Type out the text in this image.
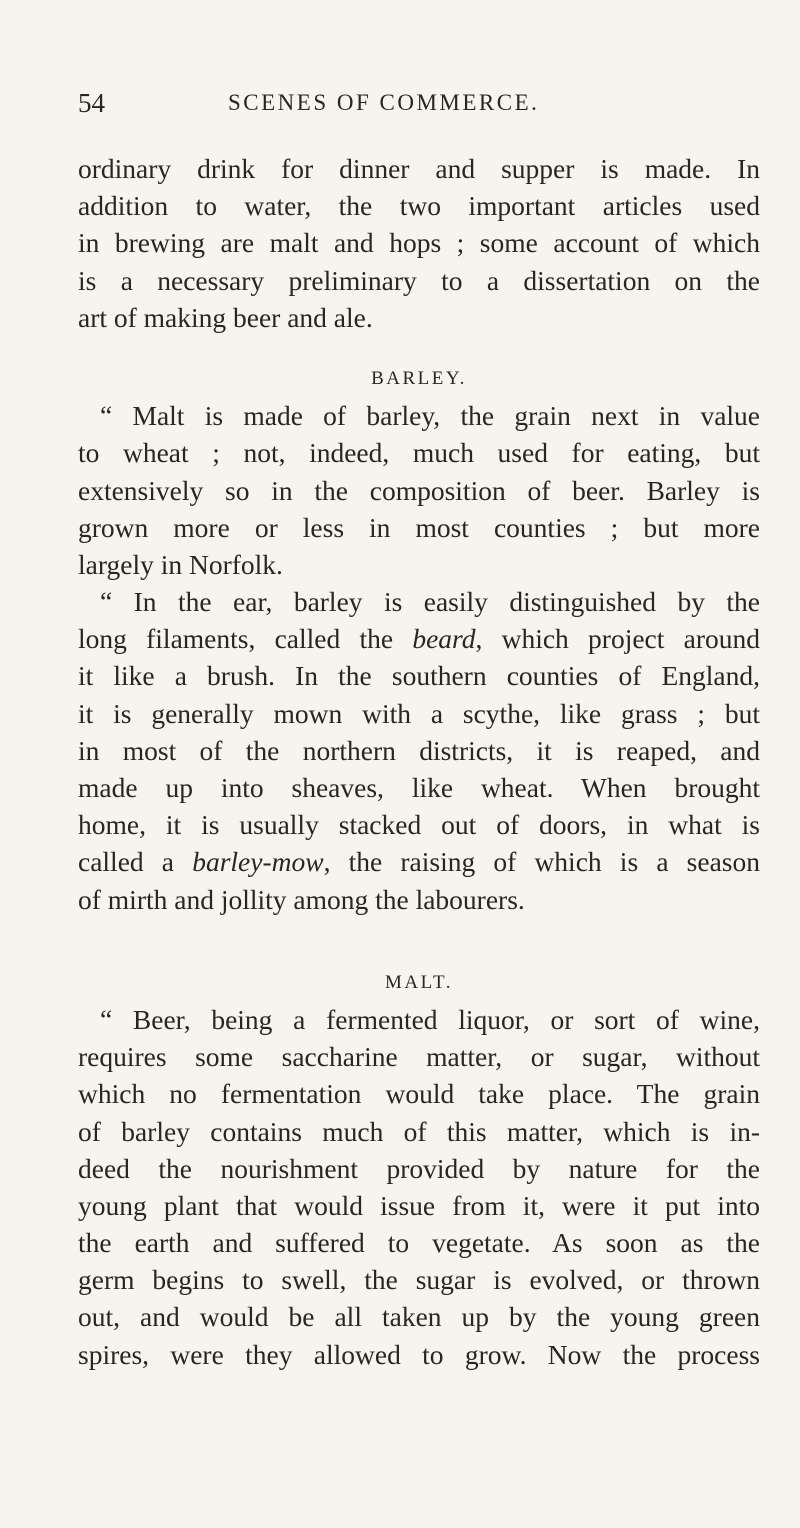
54	SCENES OF COMMERCE.
ordinary drink for dinner and supper is made. In
addition to water, the two important articles used
in brewing are malt and hops ; some account of which
is a necessary preliminary to a dissertation on the
art of making beer and ale.
BARLEY.
“ Malt is made of barley, the grain next in value
to wheat ; not, indeed, much used for eating, but
extensively so in the composition of beer. Barley is
grown more or less in most counties ; but more
largely in Norfolk.
“ In the ear, barley is easily distinguished by the
long filaments, called the beard, which project around
it like a brush. In the southern counties of England,
it is generally mown with a scythe, like grass ; but
in most of the northern districts, it is reaped, and
made up into sheaves, like wheat. When brought
home, it is usually stacked out of doors, in what is
called a barley-mow, the raising of which is a season
of mirth and jollity among the labourers.
MALT.
“ Beer, being a fermented liquor, or sort of wine,
requires some saccharine matter, or sugar, without
which no fermentation would take place. The grain
of barley contains much of this matter, which is in-
deed the nourishment provided by nature for the
young plant that would issue from it, were it put into
the earth and suffered to vegetate. As soon as the
germ begins to swell, the sugar is evolved, or thrown
out, and would be all taken up by the young green
spires, were they allowed to grow. Now the process
